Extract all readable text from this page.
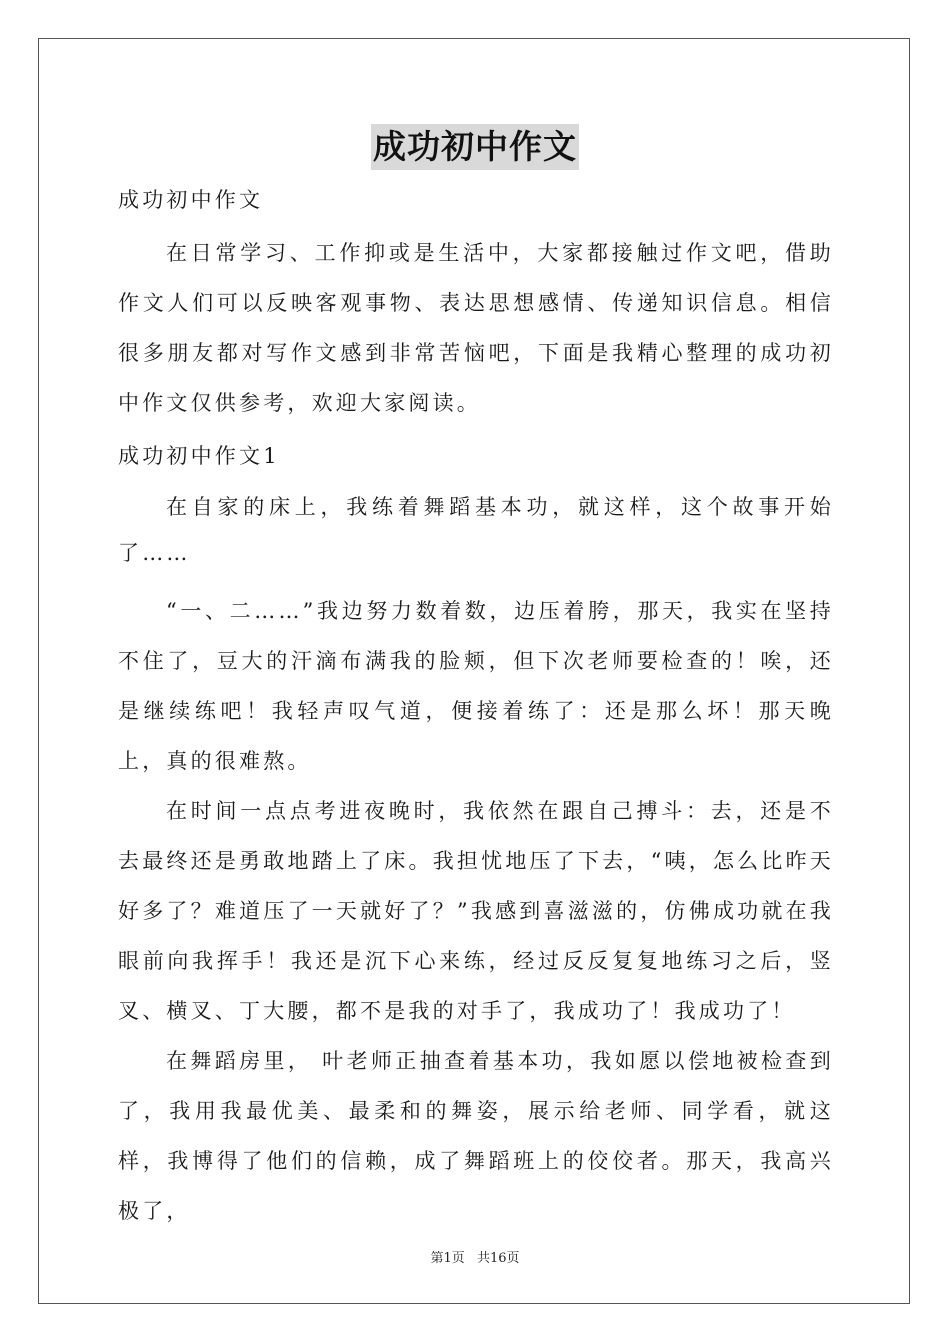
成功初中作文

成功初中作文

在日常学习、工作抑或是生活中，大家都接触过作文吧，借助作文人们可以反映客观事物、表达思想感情、传递知识信息。相信很多朋友都对写作文感到非常苦恼吧，下面是我精心整理的成功初中作文仅供参考，欢迎大家阅读。

成功初中作文1

在自家的床上，我练着舞蹈基本功，就这样，这个故事开始了……

“一、二……”我边努力数着数，边压着胯，那天，我实在坚持不住了，豆大的汗滴布满我的脸颊，但下次老师要检查的！唉，还是继续练吧！我轻声叹气道，便接着练了：还是那么坏！那天晚上，真的很难熬。

在时间一点点考进夜晚时，我依然在跟自己搏斗：去，还是不去最终还是勇敢地踏上了床。我担忧地压了下去，“咦，怎么比昨天好多了？难道压了一天就好了？”我感到喜滋滋的，仿佛成功就在我眼前向我挥手！我还是沉下心来练，经过反反复复地练习之后，竖叉、横叉、丁大腰，都不是我的对手了，我成功了！我成功了！

在舞蹈房里， 叶老师正抽查着基本功，我如愿以偿地被检查到了，我用我最优美、最柔和的舞姿，展示给老师、同学看，就这样，我博得了他们的信赖，成了舞蹈班上的佼佼者。那天，我高兴极了，

第1页 共16页
